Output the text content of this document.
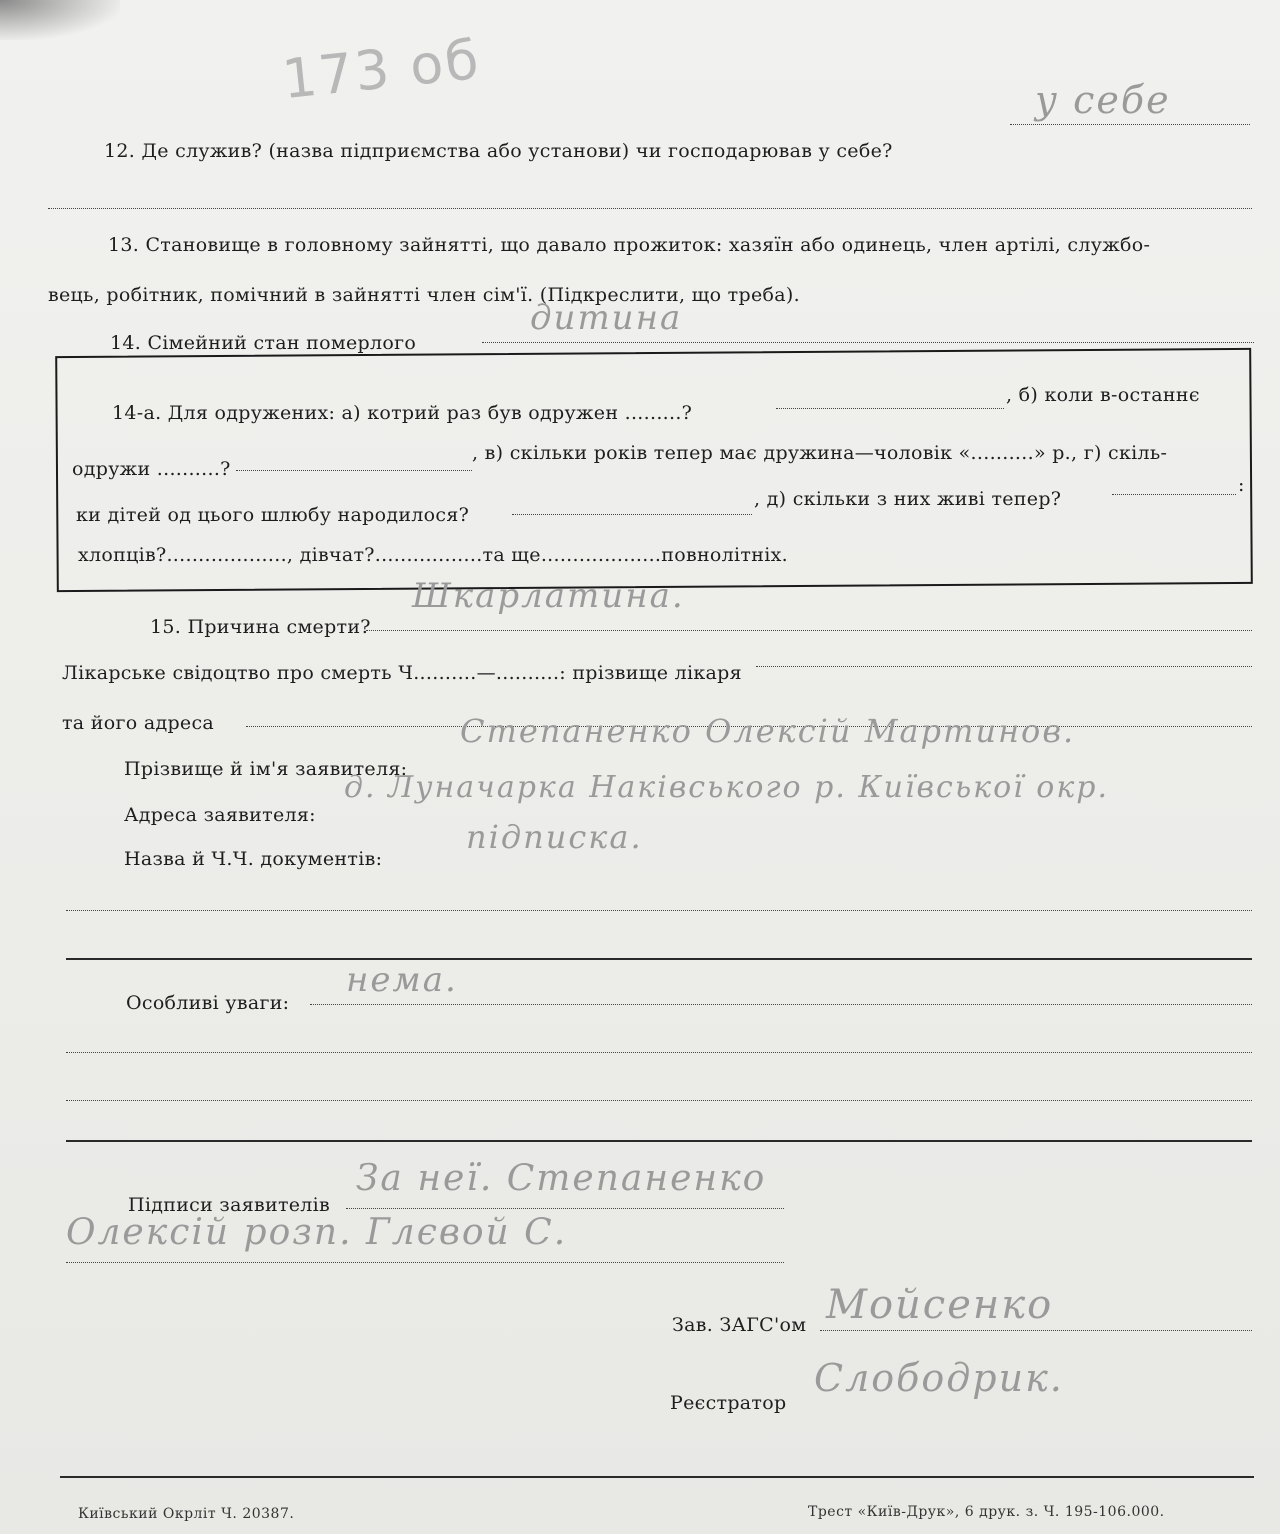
173 об
12. Де служив? (назва підприємства або установи) чи господарював у себе?
у себе
13. Становище в головному зайнятті, що давало прожиток: хазяїн або одинець, член артілі, службо-
вець, робітник, помічний в зайнятті член сім'ї. (Підкреслити, що треба).
14. Сімейний стан померлого
дитина
14-а. Для одружених: а) котрий раз був одружен .........?
, б) коли в-останнє
одружи ..........?
, в) скільки років тепер має дружина—чоловік «..........» р., г) скіль-
ки дітей од цього шлюбу народилося?
, д) скільки з них живі тепер?
:
хлопців?..................., дівчат?.................та ще...................повнолітніх.
15. Причина смерти?
Шкарлатина.
Лікарське свідоцтво про смерть Ч..........—..........: прізвище лікаря
та його адреса
Прізвище й ім'я заявителя:
Степаненко Олексій Мартинов.
Адреса заявителя:
д. Луначарка Наківського р. Київської окр.
Назва й Ч.Ч. документів:
підписка.
Особливі уваги:
нема.
Підписи заявителів
За неї. Степаненко
Олексій розп. Глєвой С.
Зав. ЗАГС'ом Мойсенко
Реєстратор
Слободрик.
Київський Окрліт Ч. 20387.	Трест «Київ-Друк», 6 друк. з. Ч. 195-106.000.
